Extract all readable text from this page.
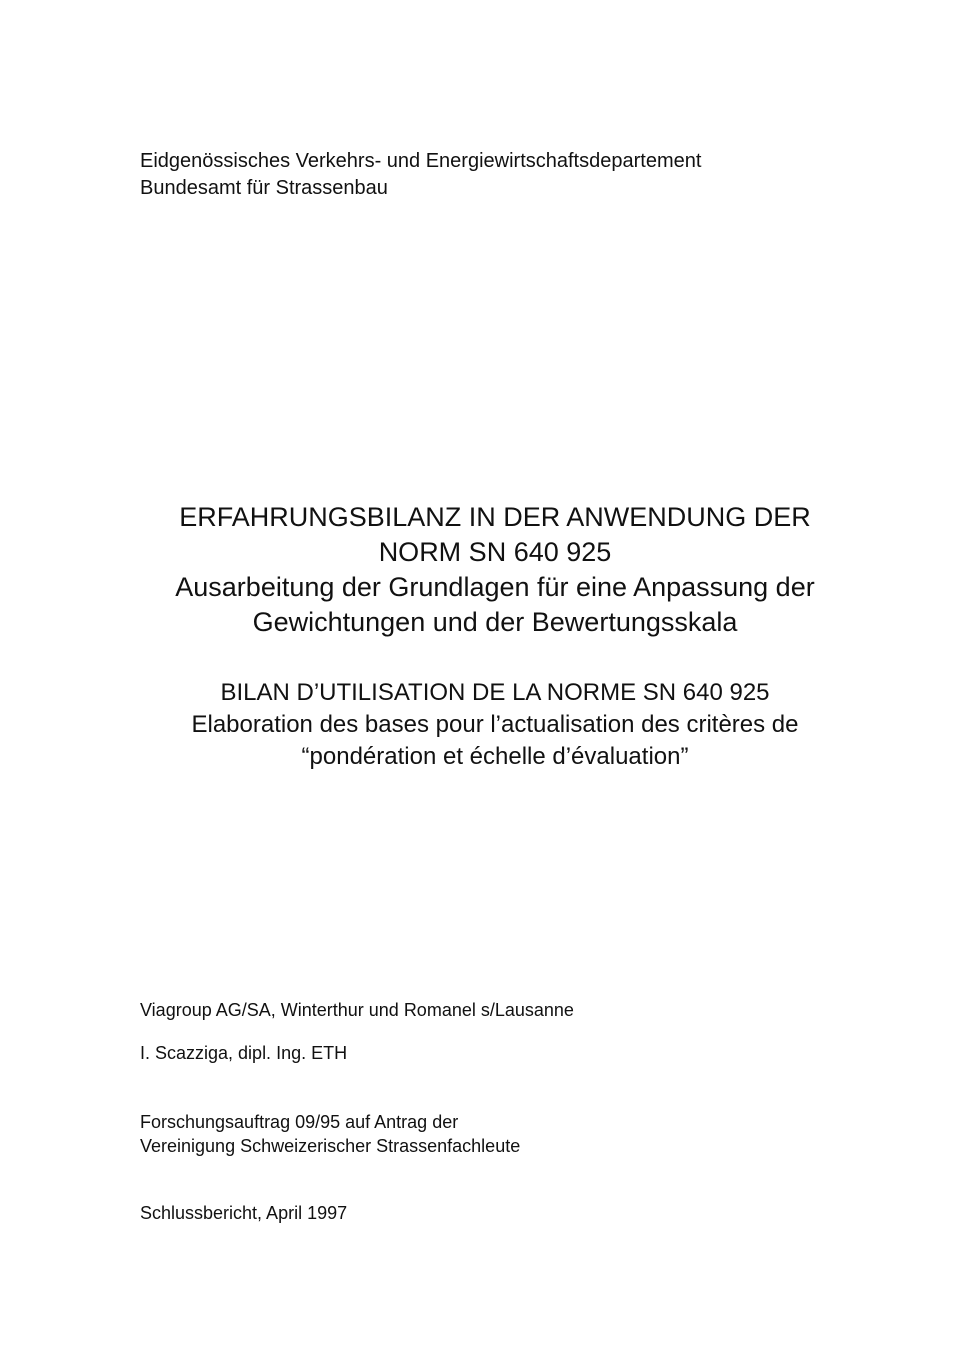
Eidgenössisches Verkehrs- und Energiewirtschaftsdepartement
Bundesamt für Strassenbau
ERFAHRUNGSBILANZ IN DER ANWENDUNG DER
NORM SN 640 925
Ausarbeitung der Grundlagen für eine Anpassung der
Gewichtungen und der Bewertungsskala
BILAN D’UTILISATION DE LA NORME SN 640 925
Elaboration des bases pour l’actualisation des critères de
“pondération et échelle d’évaluation”
Viagroup AG/SA, Winterthur und Romanel s/Lausanne
I. Scazziga, dipl. Ing. ETH
Forschungsauftrag 09/95 auf Antrag der
Vereinigung Schweizerischer Strassenfachleute
Schlussbericht, April 1997
